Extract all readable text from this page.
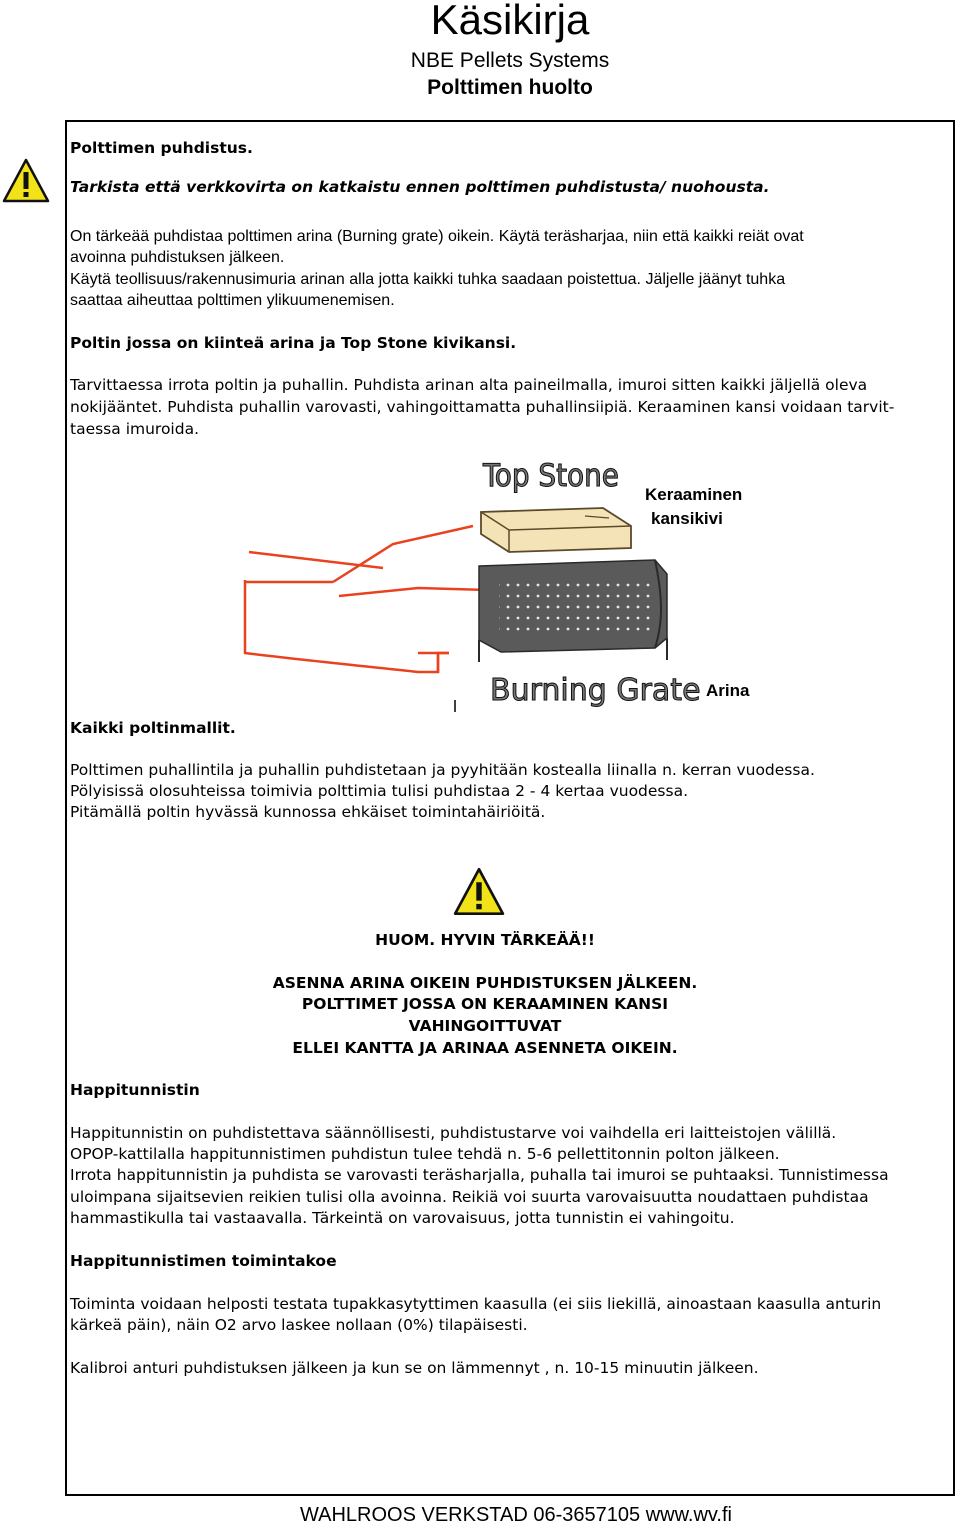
Käsikirja
NBE Pellets Systems
Polttimen huolto
Polttimen puhdistus.
Tarkista että verkkovirta on katkaistu ennen polttimen puhdistusta/ nuohousta.
On tärkeää puhdistaa polttimen arina (Burning grate) oikein. Käytä teräsharjaa, niin että kaikki reiät ovat
avoinna puhdistuksen jälkeen.
Käytä teollisuus/rakennusimuria arinan alla jotta kaikki tuhka saadaan poistettua. Jäljelle jäänyt tuhka
saattaa aiheuttaa polttimen ylikuumenemisen.
Poltin jossa on kiinteä arina ja Top Stone kivikansi.
Tarvittaessa irrota poltin ja puhallin. Puhdista arinan alta paineilmalla, imuroi sitten kaikki jäljellä oleva
nokijääntet. Puhdista puhallin varovasti, vahingoittamatta puhallinsiipiä. Keraaminen kansi voidaan tarvit-
taessa imuroida.
Top Stone
Burning Grate
Keraaminen
kansikivi
Arina
Kaikki poltinmallit.
Polttimen puhallintila ja puhallin puhdistetaan ja pyyhitään kostealla liinalla n. kerran vuodessa.
Pölyisissä olosuhteissa toimivia polttimia tulisi puhdistaa 2 - 4 kertaa vuodessa.
Pitämällä poltin hyvässä kunnossa ehkäiset toimintahäiriöitä.
HUOM. HYVIN TÄRKEÄÄ!!
ASENNA ARINA OIKEIN PUHDISTUKSEN JÄLKEEN.
POLTTIMET JOSSA ON KERAAMINEN KANSI
VAHINGOITTUVAT
ELLEI KANTTA JA ARINAA ASENNETA OIKEIN.
Happitunnistin
Happitunnistin on puhdistettava säännöllisesti, puhdistustarve voi vaihdella eri laitteistojen välillä.
OPOP-kattilalla happitunnistimen puhdistun tulee tehdä n. 5-6 pellettitonnin polton jälkeen.
Irrota happitunnistin ja puhdista se varovasti teräsharjalla, puhalla tai imuroi se puhtaaksi. Tunnistimessa
uloimpana sijaitsevien reikien tulisi olla avoinna. Reikiä voi suurta varovaisuutta noudattaen puhdistaa
hammastikulla tai vastaavalla. Tärkeintä on varovaisuus, jotta tunnistin ei vahingoitu.
Happitunnistimen toimintakoe
Toiminta voidaan helposti testata tupakkasytyttimen kaasulla (ei siis liekillä, ainoastaan kaasulla anturin
kärkeä päin), näin O2 arvo laskee nollaan (0%) tilapäisesti.
Kalibroi anturi puhdistuksen jälkeen ja kun se on lämmennyt , n. 10-15 minuutin jälkeen.
WAHLROOS VERKSTAD 06-3657105 www.wv.fi
